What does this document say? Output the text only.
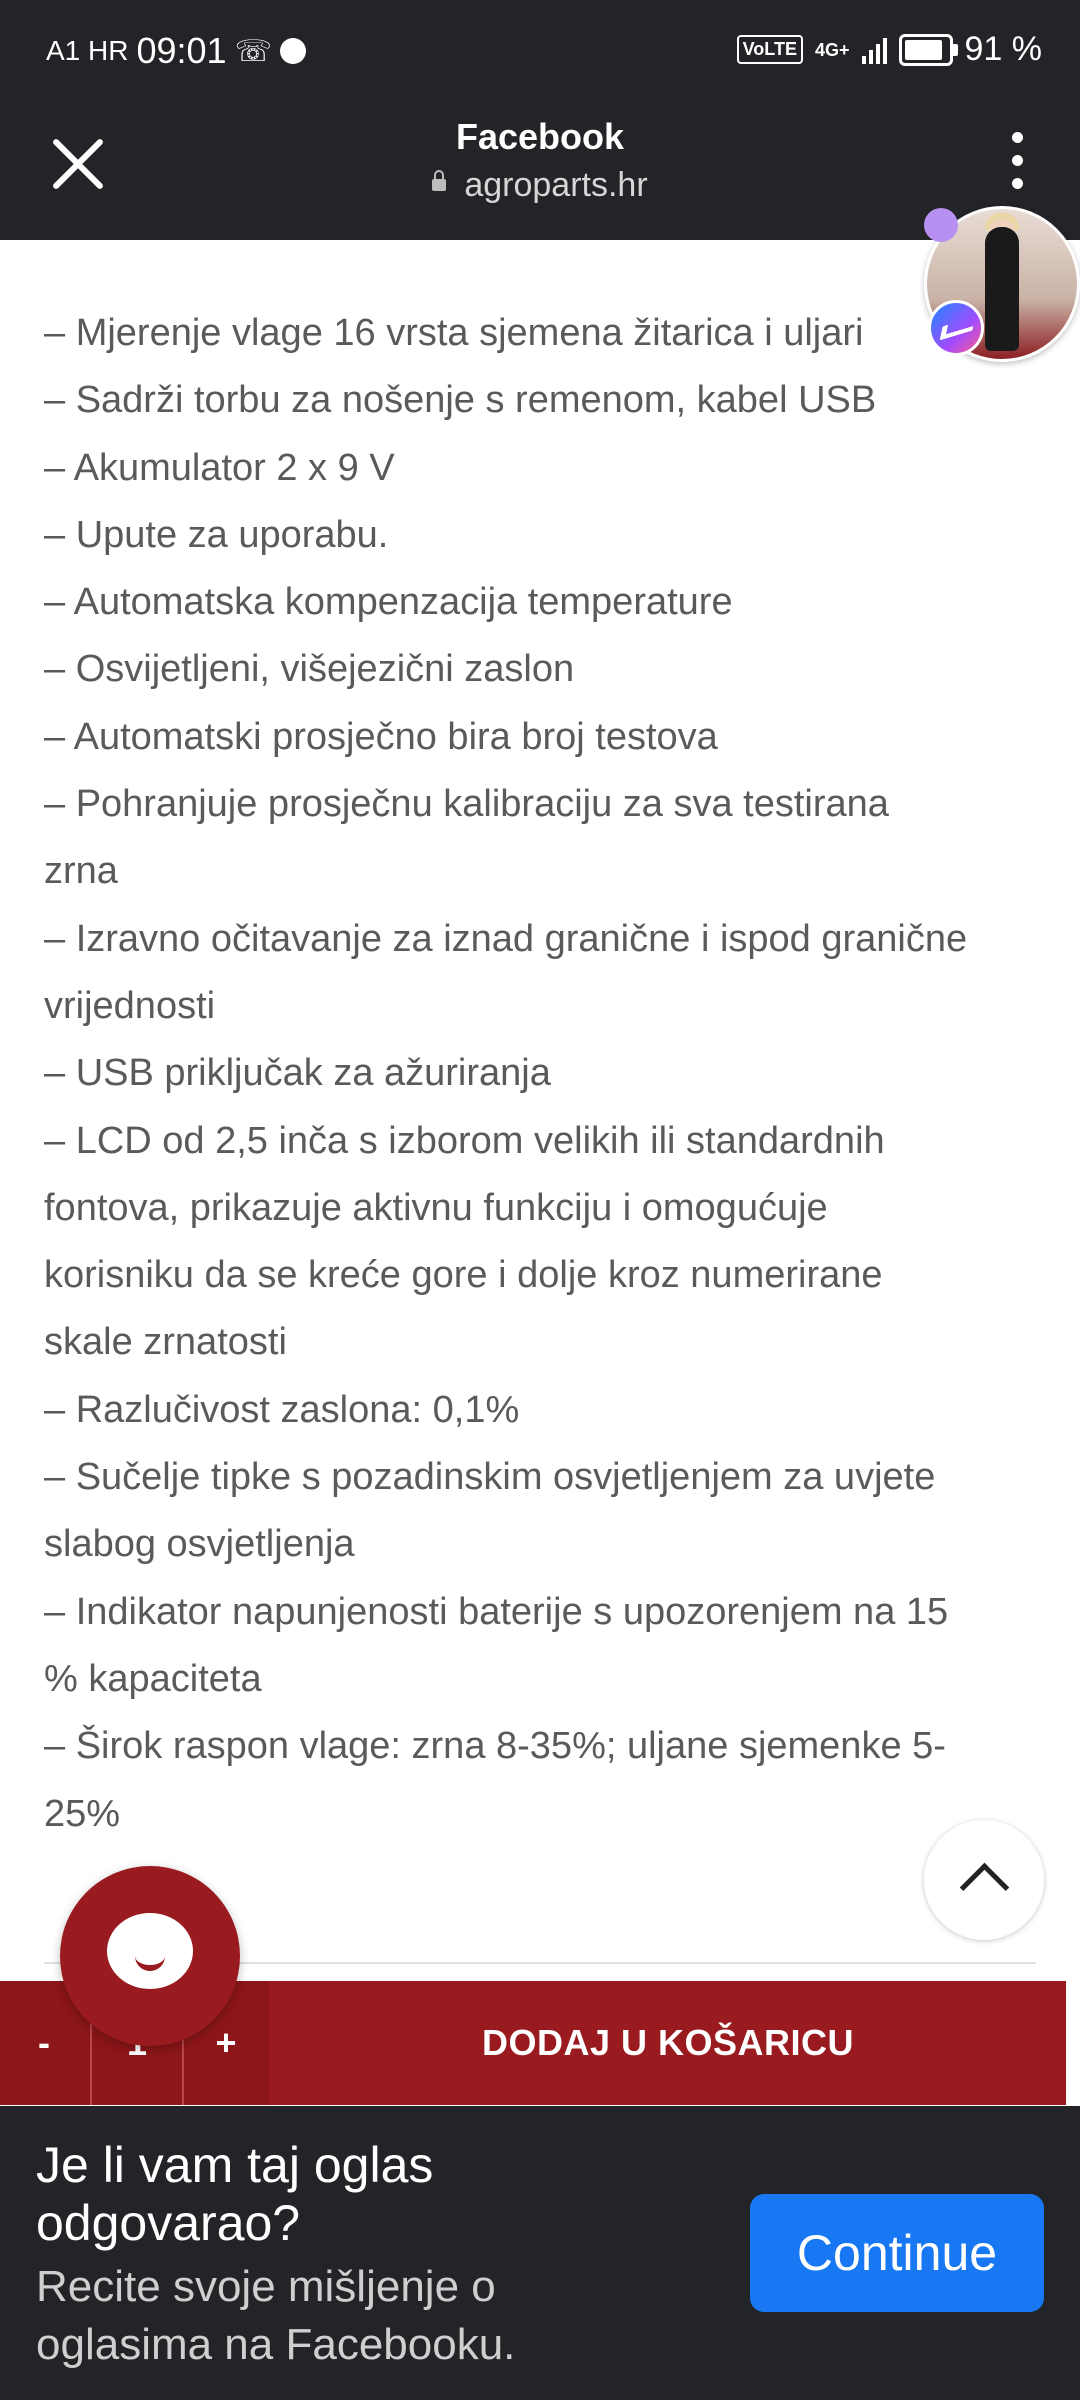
A1 HR 09:01 ☏	VoLTE	4G+	91 %
Facebook
agroparts.hr
– Mjerenje vlage 16 vrsta sjemena žitarica i uljari
– Sadrži torbu za nošenje s remenom, kabel USB
– Akumulator 2 x 9 V
– Upute za uporabu.
– Automatska kompenzacija temperature
– Osvijetljeni, višejezični zaslon
– Automatski prosječno bira broj testova
– Pohranjuje prosječnu kalibraciju za sva testirana
zrna
– Izravno očitavanje za iznad granične i ispod granične
vrijednosti
– USB priključak za ažuriranja
– LCD od 2,5 inča s izborom velikih ili standardnih
fontova, prikazuje aktivnu funkciju i omogućuje
korisniku da se kreće gore i dolje kroz numerirane
skale zrnatosti
– Razlučivost zaslona: 0,1%
– Sučelje tipke s pozadinskim osvjetljenjem za uvjete
slabog osvjetljenja
– Indikator napunjenosti baterije s upozorenjem na 15
% kapaciteta
– Širok raspon vlage: zrna 8-35%; uljane sjemenke 5-
25%
-	+	DODAJ U KOŠARICU
Je li vam taj oglas odgovarao?
Recite svoje mišljenje o oglasima na Facebooku.
Continue
